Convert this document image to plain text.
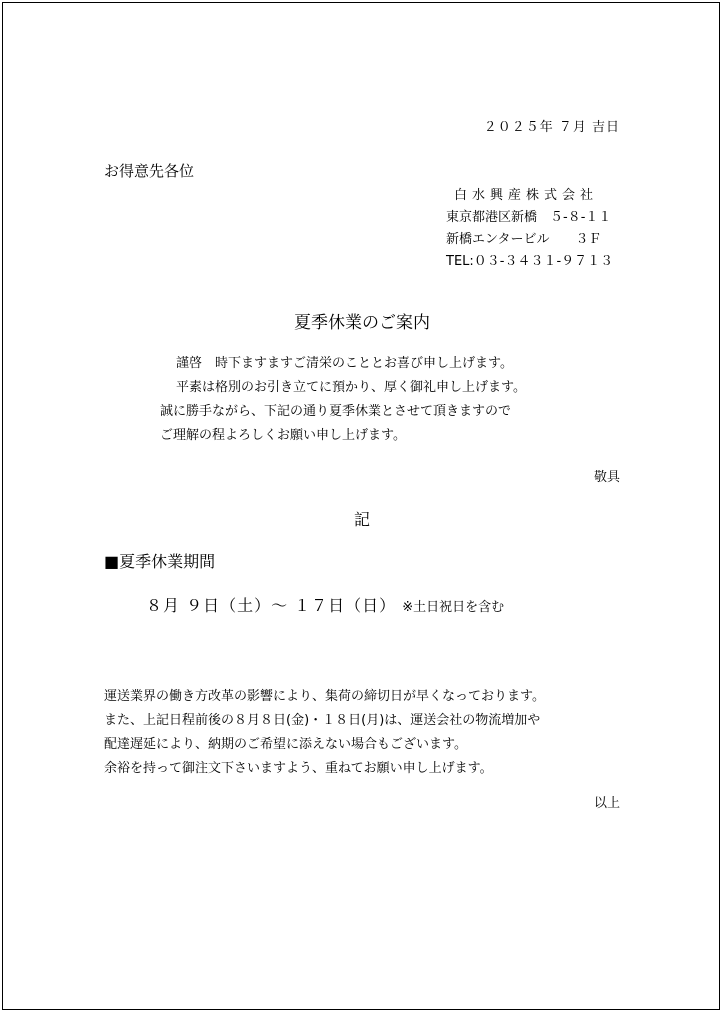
２０２５年 ７月 吉日
お得意先各位
白水興産株式会社
東京都港区新橋　５-８-１１
新橋エンタービル　　３Ｆ
TEL:０３-３４３１-９７１３
夏季休業のご案内
謹啓　時下ますますご清栄のこととお喜び申し上げます。
平素は格別のお引き立てに預かり、厚く御礼申し上げます。
誠に勝手ながら、下記の通り夏季休業とさせて頂きますので
ご理解の程よろしくお願い申し上げます。
敬具
記
■夏季休業期間
８月 ９日（土）～ １７日（日） ※土日祝日を含む
運送業界の働き方改革の影響により、集荷の締切日が早くなっております。
また、上記日程前後の８月８日(金)・１８日(月)は、運送会社の物流増加や
配達遅延により、納期のご希望に添えない場合もございます。
余裕を持って御注文下さいますよう、重ねてお願い申し上げます。
以上
